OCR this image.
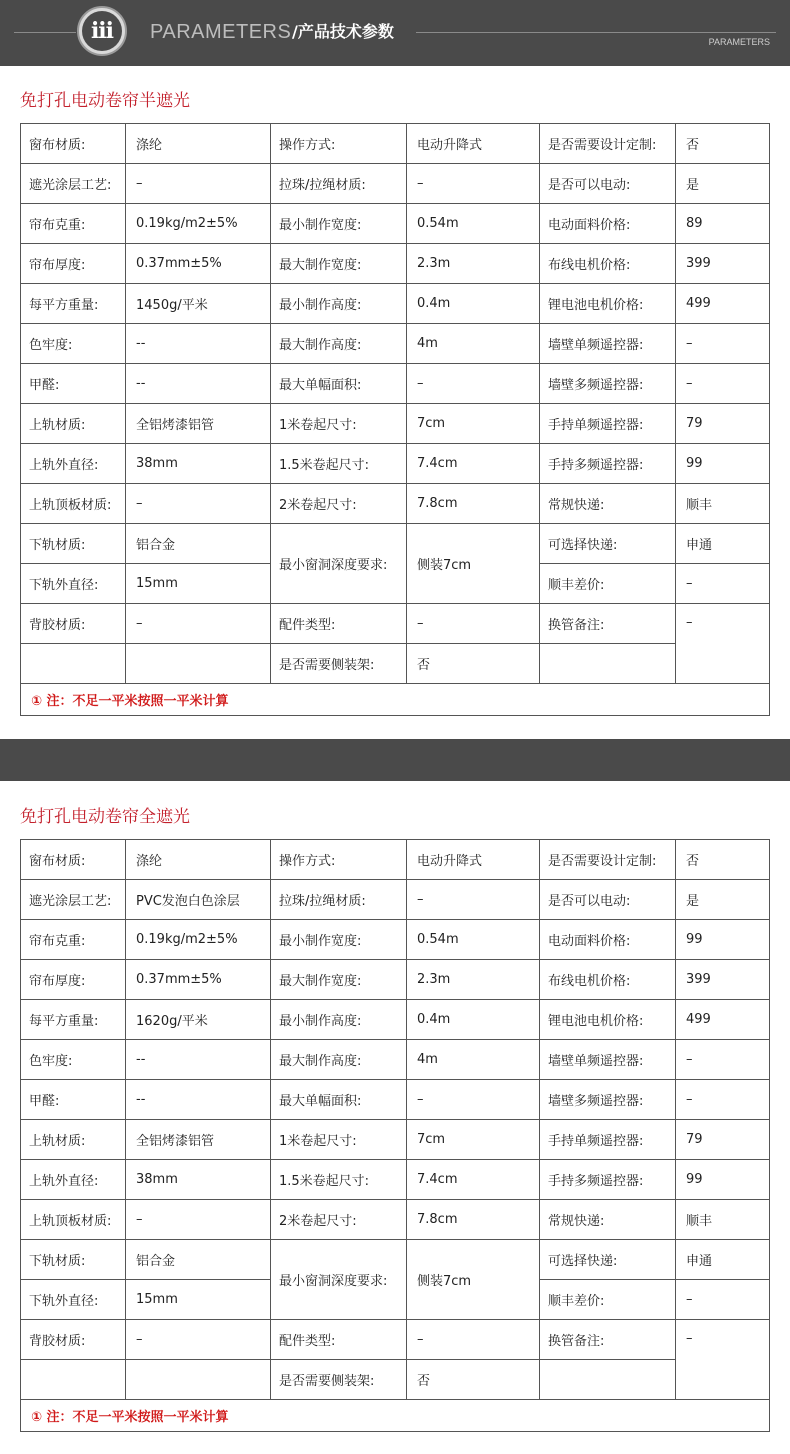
iii	PARAMETERS /产品技术参数
PARAMETERS
免打孔电动卷帘半遮光
窗布材质:	涤纶	操作方式:	电动升降式	是否需要设计定制:	否
遮光涂层工艺:	–	拉珠/拉绳材质:	–	是否可以电动:	是
帘布克重:	0.19kg/m2±5%	最小制作宽度:	0.54m	电动面料价格:	89
帘布厚度:	0.37mm±5%	最大制作宽度:	2.3m	布线电机价格:	399
每平方重量:	1450g/平米	最小制作高度:	0.4m	锂电池电机价格:	499
色牢度:	--	最大制作高度:	4m	墙壁单频遥控器:	–
甲醛:	--	最大单幅面积:	–	墙壁多频遥控器:	–
上轨材质:	全铝烤漆铝管	1米卷起尺寸:	7cm	手持单频遥控器:	79
上轨外直径:	38mm	1.5米卷起尺寸:	7.4cm	手持多频遥控器:	99
上轨顶板材质:	–	2米卷起尺寸:	7.8cm	常规快递:	顺丰
下轨材质:	铝合金	最小窗洞深度要求:	侧装7cm	可选择快递:	申通
下轨外直径:	15mm			顺丰差价:	–
背胶材质:	–	配件类型:	–	换管备注:	–
		是否需要侧装架:	否		
① 注：不足一平米按照一平米计算					
免打孔电动卷帘全遮光
窗布材质:	涤纶	操作方式:	电动升降式	是否需要设计定制:	否
遮光涂层工艺:	PVC发泡白色涂层	拉珠/拉绳材质:	–	是否可以电动:	是
帘布克重:	0.19kg/m2±5%	最小制作宽度:	0.54m	电动面料价格:	99
帘布厚度:	0.37mm±5%	最大制作宽度:	2.3m	布线电机价格:	399
每平方重量:	1620g/平米	最小制作高度:	0.4m	锂电池电机价格:	499
色牢度:	--	最大制作高度:	4m	墙壁单频遥控器:	–
甲醛:	--	最大单幅面积:	–	墙壁多频遥控器:	–
上轨材质:	全铝烤漆铝管	1米卷起尺寸:	7cm	手持单频遥控器:	79
上轨外直径:	38mm	1.5米卷起尺寸:	7.4cm	手持多频遥控器:	99
上轨顶板材质:	–	2米卷起尺寸:	7.8cm	常规快递:	顺丰
下轨材质:	铝合金	最小窗洞深度要求:	侧装7cm	可选择快递:	申通
下轨外直径:	15mm			顺丰差价:	–
背胶材质:	–	配件类型:	–	换管备注:	–
		是否需要侧装架:	否		
① 注：不足一平米按照一平米计算					
